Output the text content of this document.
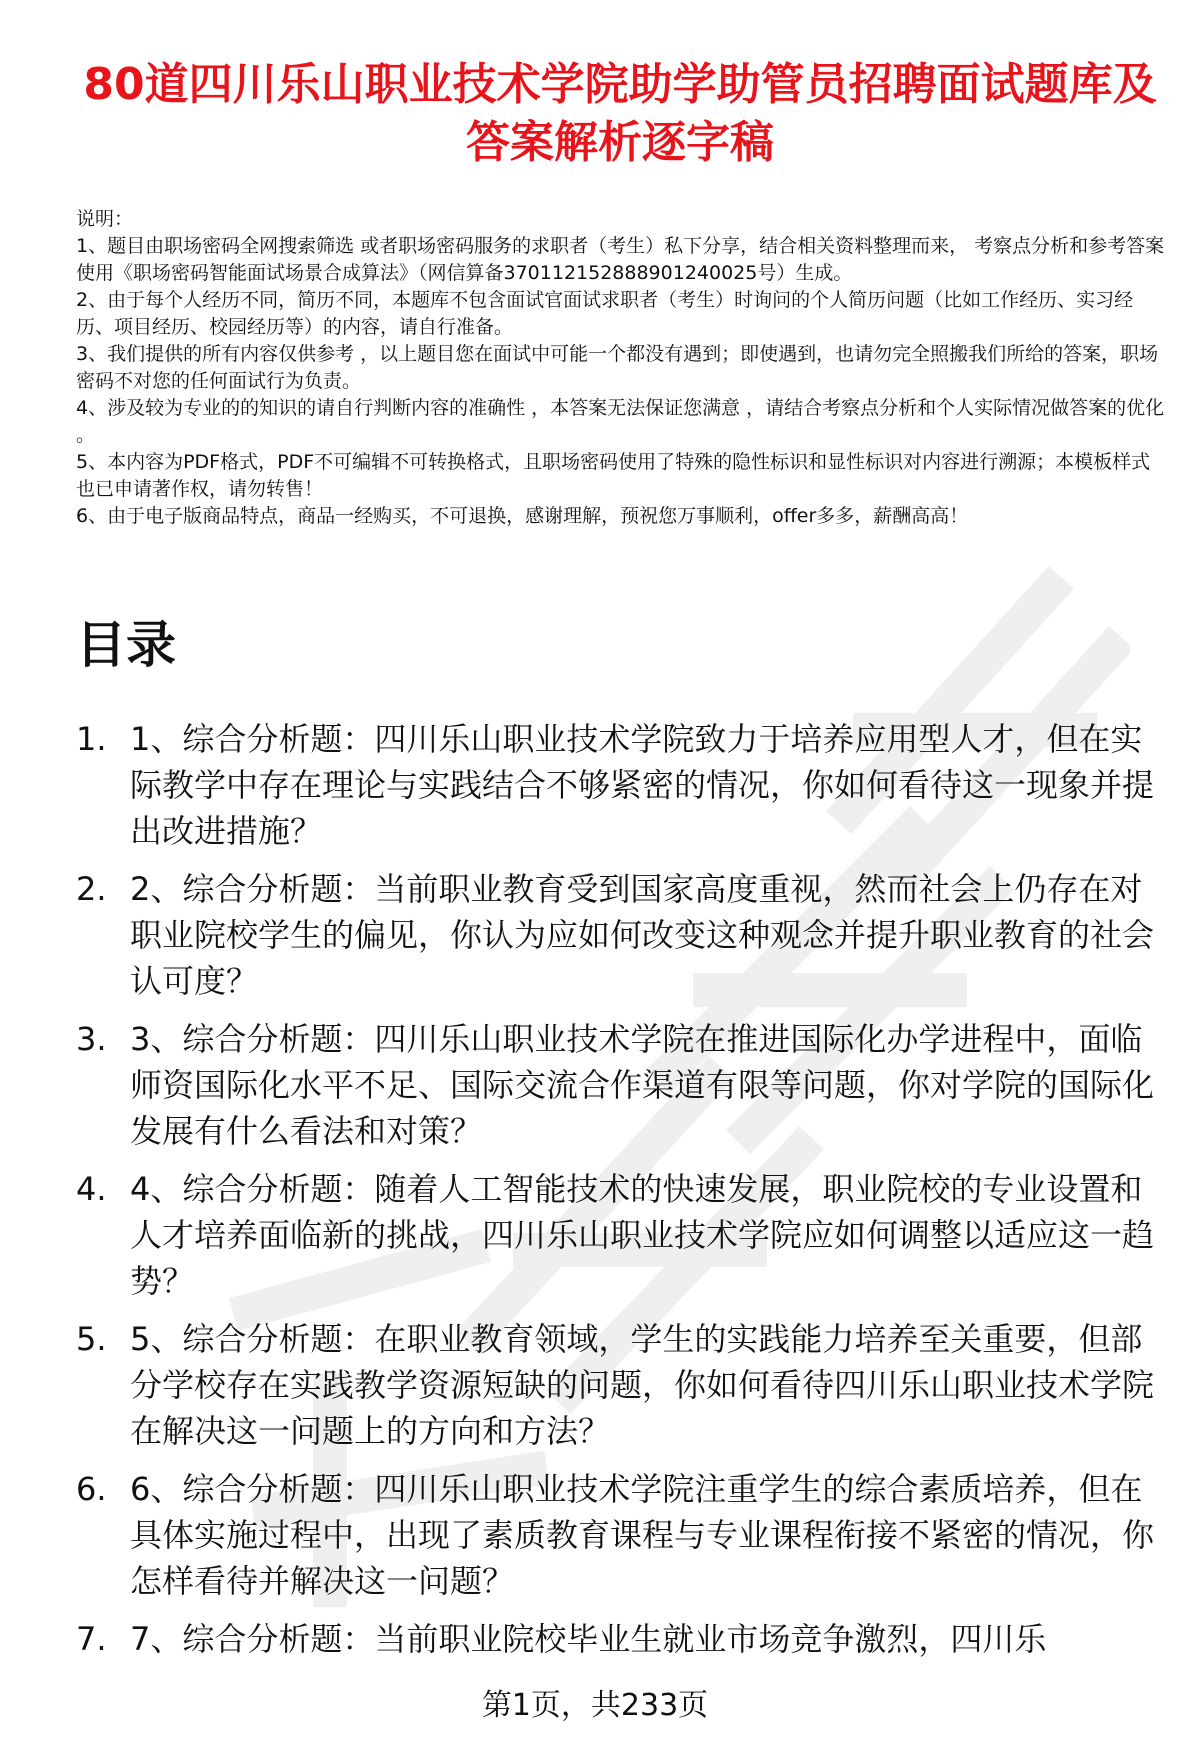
80道四川乐山职业技术学院助学助管员招聘面试题库及答案解析逐字稿

说明：

1、题目由职场密码全网搜索筛选 或者职场密码服务的求职者（考生）私下分享，结合相关资料整理而来， 考察点分析和参考答案使用《职场密码智能面试场景合成算法》（网信算备370112152888901240025号）生成。

2、由于每个人经历不同，简历不同，本题库不包含面试官面试求职者（考生）时询问的个人简历问题（比如工作经历、实习经历、项目经历、校园经历等）的内容，请自行准备。

3、我们提供的所有内容仅供参考 ，以上题目您在面试中可能一个都没有遇到；即使遇到，也请勿完全照搬我们所给的答案，职场密码不对您的任何面试行为负责。

4、涉及较为专业的的知识的请自行判断内容的准确性 ，本答案无法保证您满意 ，请结合考察点分析和个人实际情况做答案的优化 。

5、本内容为PDF格式，PDF不可编辑不可转换格式，且职场密码使用了特殊的隐性标识和显性标识对内容进行溯源；本模板样式也已申请著作权，请勿转售！

6、由于电子版商品特点，商品一经购买，不可退换，感谢理解，预祝您万事顺利，offer多多，薪酬高高！

目录
1. 1、综合分析题：四川乐山职业技术学院致力于培养应用型人才，但在实际教学中存在理论与实践结合不够紧密的情况，你如何看待这一现象并提出改进措施？
2. 2、综合分析题：当前职业教育受到国家高度重视，然而社会上仍存在对职业院校学生的偏见，你认为应如何改变这种观念并提升职业教育的社会认可度？
3. 3、综合分析题：四川乐山职业技术学院在推进国际化办学进程中，面临师资国际化水平不足、国际交流合作渠道有限等问题，你对学院的国际化发展有什么看法和对策？
4. 4、综合分析题：随着人工智能技术的快速发展，职业院校的专业设置和人才培养面临新的挑战，四川乐山职业技术学院应如何调整以适应这一趋势？
5. 5、综合分析题：在职业教育领域，学生的实践能力培养至关重要，但部分学校存在实践教学资源短缺的问题，你如何看待四川乐山职业技术学院在解决这一问题上的方向和方法？
6. 6、综合分析题：四川乐山职业技术学院注重学生的综合素质培养，但在具体实施过程中，出现了素质教育课程与专业课程衔接不紧密的情况，你怎样看待并解决这一问题？
7. 7、综合分析题：当前职业院校毕业生就业市场竞争激烈，四川乐
第1页，共233页
